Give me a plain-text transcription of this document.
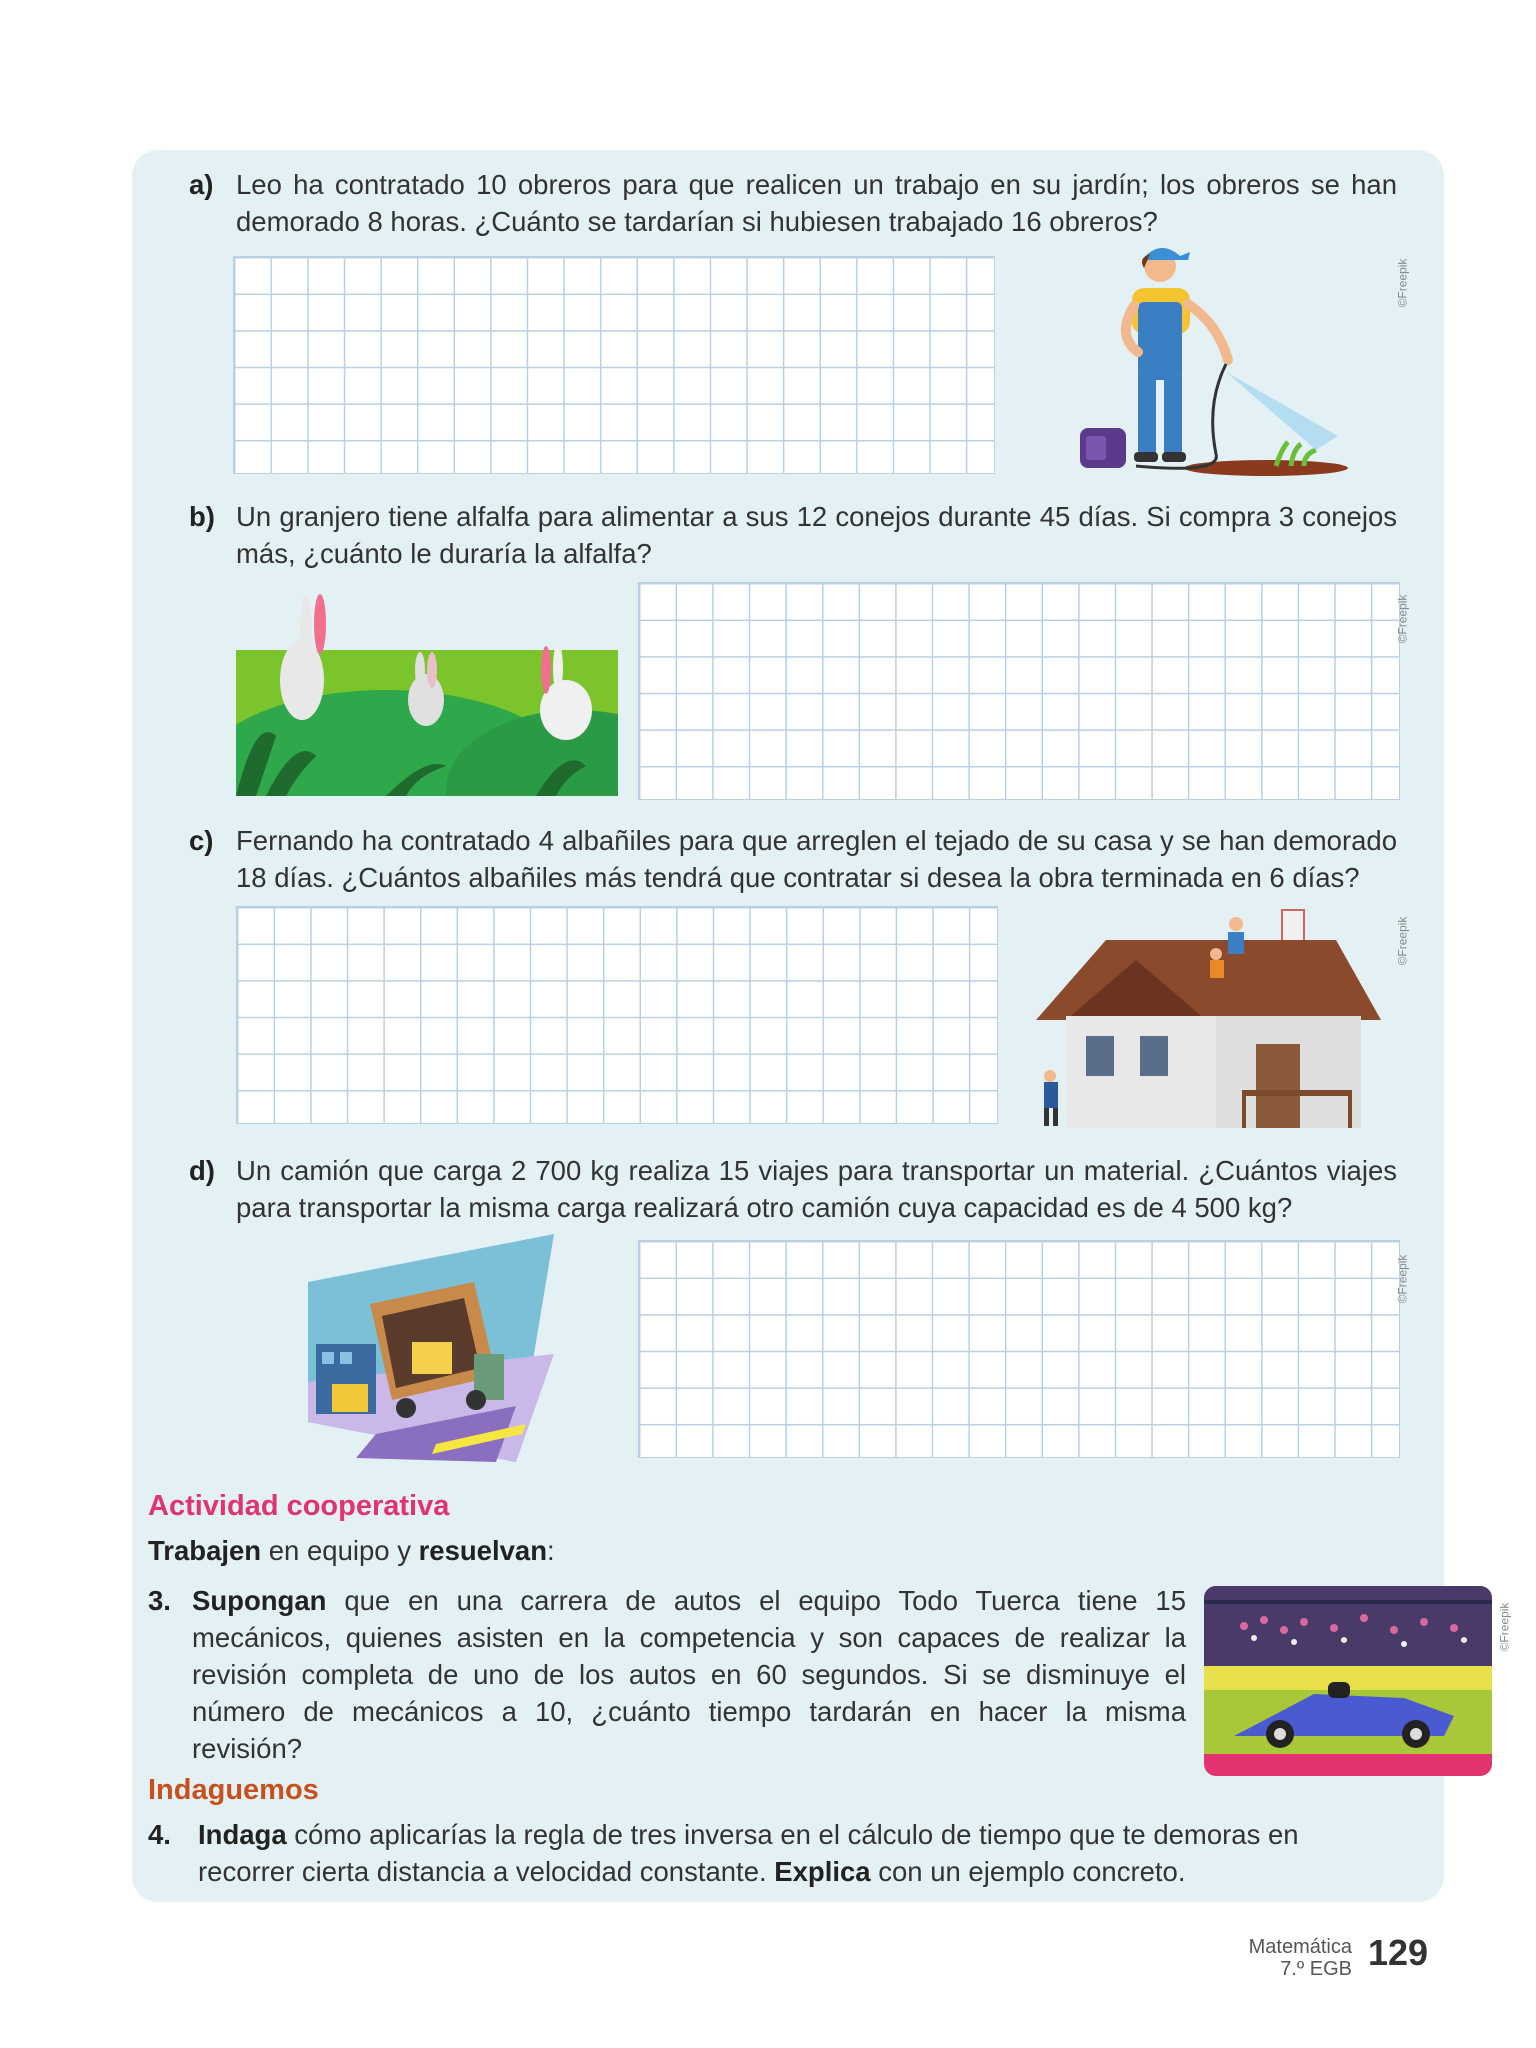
a) Leo ha contratado 10 obreros para que realicen un trabajo en su jardín; los obreros se han demorado 8 horas. ¿Cuánto se tardarían si hubiesen trabajado 16 obreros?
©Freepik
b) Un granjero tiene alfalfa para alimentar a sus 12 conejos durante 45 días. Si compra 3 conejos más, ¿cuánto le duraría la alfalfa?
©Freepik
c) Fernando ha contratado 4 albañiles para que arreglen el tejado de su casa y se han demorado 18 días. ¿Cuántos albañiles más tendrá que contratar si desea la obra terminada en 6 días?
©Freepik
d) Un camión que carga 2 700 kg realiza 15 viajes para transportar un material. ¿Cuántos viajes para transportar la misma carga realizará otro camión cuya capacidad es de 4 500 kg?
©Freepik
Actividad cooperativa
Trabajen en equipo y resuelvan:
3. Supongan que en una carrera de autos el equipo Todo Tuerca tiene 15 mecánicos, quienes asisten en la competencia y son capaces de realizar la revisión completa de uno de los autos en 60 segundos. Si se disminuye el número de mecánicos a 10, ¿cuánto tiempo tardarán en hacer la misma revisión?
©Freepik
Indaguemos
4. Indaga cómo aplicarías la regla de tres inversa en el cálculo de tiempo que te demoras en recorrer cierta distancia a velocidad constante. Explica con un ejemplo concreto.
Matemática
7.º EGB 129
